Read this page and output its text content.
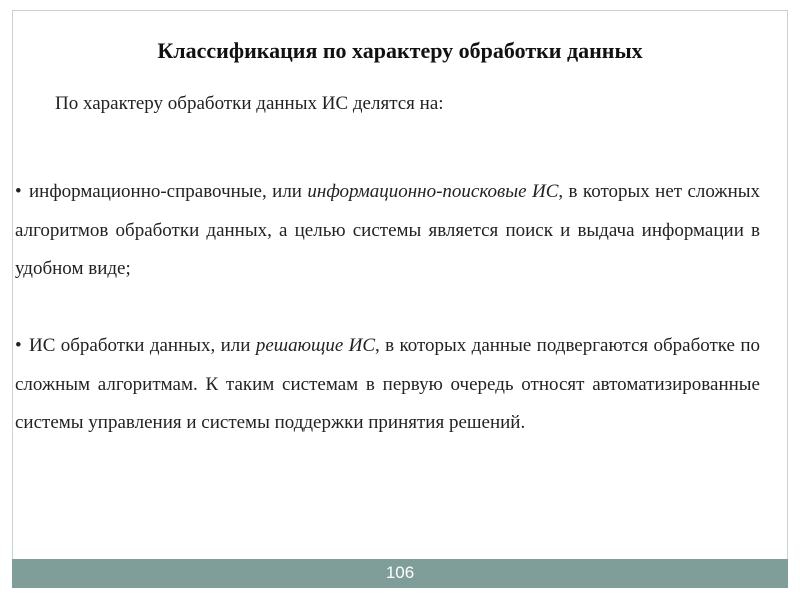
Классификация по характеру обработки данных

По характеру обработки данных ИС делятся на:

• информационно-справочные, или информационно-поисковые ИС, в которых нет сложных алгоритмов обработки данных, а целью системы является поиск и выдача информации в удобном виде;

• ИС обработки данных, или решающие ИС, в которых данные подвергаются обработке по сложным алгоритмам. К таким системам в первую очередь относят автоматизированные системы управления и системы поддержки принятия решений.

106
